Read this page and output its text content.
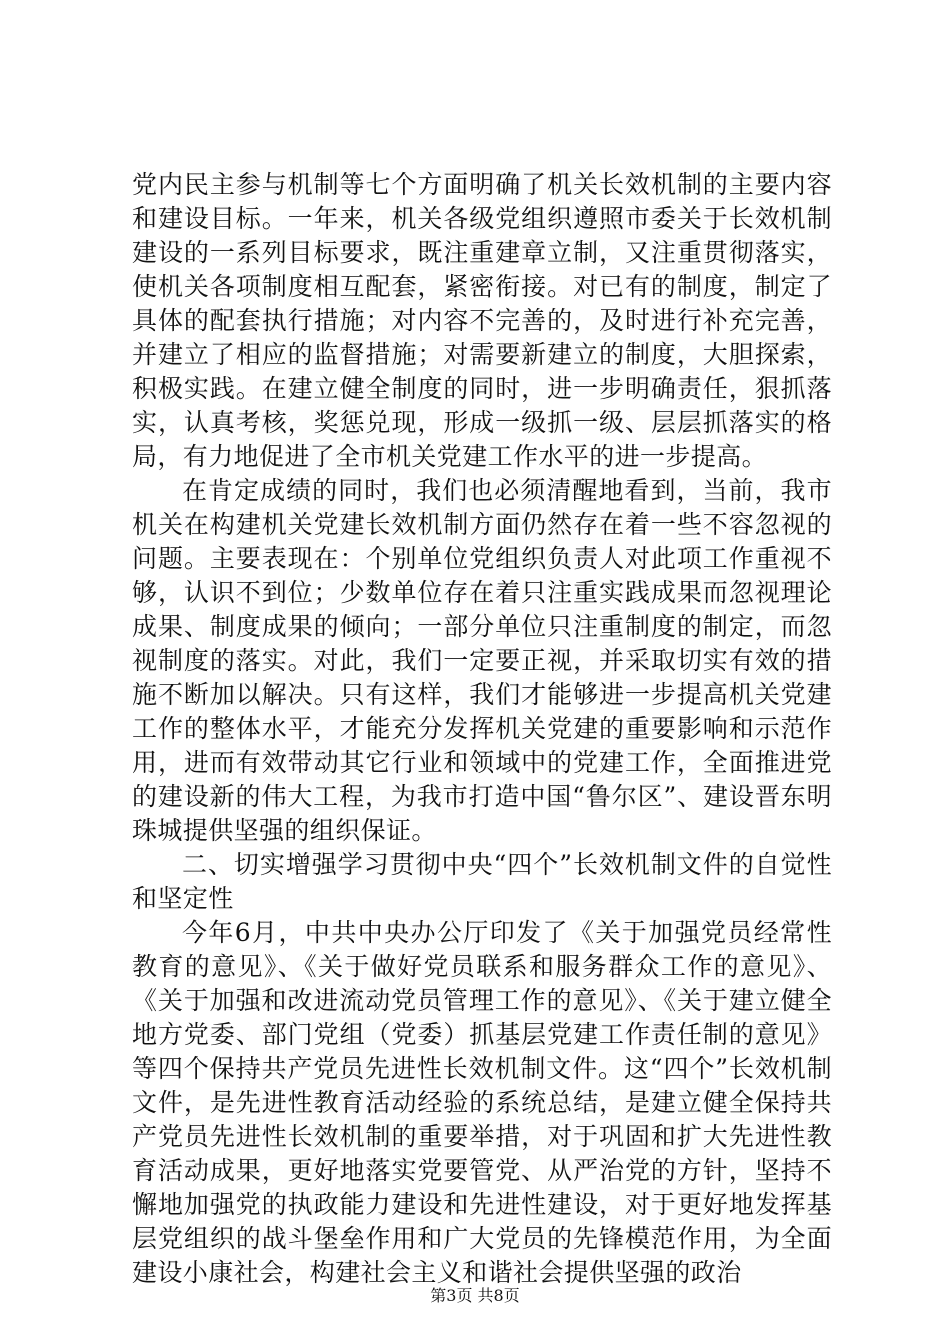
党内民主参与机制等七个方面明确了机关长效机制的主要内容和建设目标。一年来，机关各级党组织遵照市委关于长效机制建设的一系列目标要求，既注重建章立制，又注重贯彻落实，使机关各项制度相互配套，紧密衔接。对已有的制度，制定了具体的配套执行措施；对内容不完善的，及时进行补充完善，并建立了相应的监督措施；对需要新建立的制度，大胆探索，积极实践。在建立健全制度的同时，进一步明确责任，狠抓落实，认真考核，奖惩兑现，形成一级抓一级、层层抓落实的格局，有力地促进了全市机关党建工作水平的进一步提高。

在肯定成绩的同时，我们也必须清醒地看到，当前，我市机关在构建机关党建长效机制方面仍然存在着一些不容忽视的问题。主要表现在：个别单位党组织负责人对此项工作重视不够，认识不到位；少数单位存在着只注重实践成果而忽视理论成果、制度成果的倾向；一部分单位只注重制度的制定，而忽视制度的落实。对此，我们一定要正视，并采取切实有效的措施不断加以解决。只有这样，我们才能够进一步提高机关党建工作的整体水平，才能充分发挥机关党建的重要影响和示范作用，进而有效带动其它行业和领域中的党建工作，全面推进党的建设新的伟大工程，为我市打造中国“鲁尔区”、建设晋东明珠城提供坚强的组织保证。

二、切实增强学习贯彻中央“四个”长效机制文件的自觉性和坚定性

今年6月，中共中央办公厅印发了《关于加强党员经常性教育的意见》、《关于做好党员联系和服务群众工作的意见》、《关于加强和改进流动党员管理工作的意见》、《关于建立健全地方党委、部门党组（党委）抓基层党建工作责任制的意见》等四个保持共产党员先进性长效机制文件。这“四个”长效机制文件，是先进性教育活动经验的系统总结，是建立健全保持共产党员先进性长效机制的重要举措，对于巩固和扩大先进性教育活动成果，更好地落实党要管党、从严治党的方针，坚持不懈地加强党的执政能力建设和先进性建设，对于更好地发挥基层党组织的战斗堡垒作用和广大党员的先锋模范作用，为全面建设小康社会，构建社会主义和谐社会提供坚强的政治

第3页 共8页
